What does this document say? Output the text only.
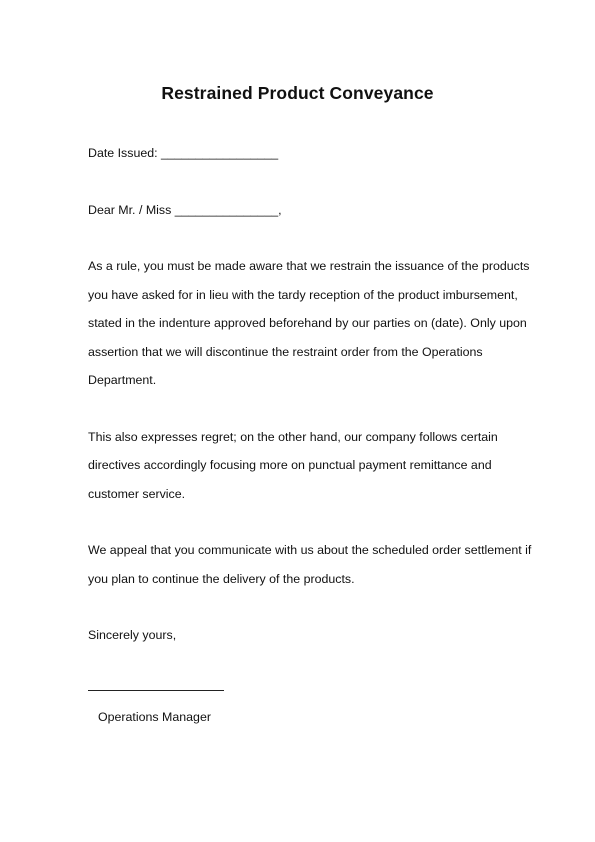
Restrained Product Conveyance
Date Issued: _________________
Dear Mr. / Miss _______________,
As a rule, you must be made aware that we restrain the issuance of the products
you have asked for in lieu with the tardy reception of the product imbursement,
stated in the indenture approved beforehand by our parties on (date). Only upon
assertion that we will discontinue the restraint order from the Operations
Department.
This also expresses regret; on the other hand, our company follows certain
directives accordingly focusing more on punctual payment remittance and
customer service.
We appeal that you communicate with us about the scheduled order settlement if
you plan to continue the delivery of the products.
Sincerely yours,
Operations Manager
